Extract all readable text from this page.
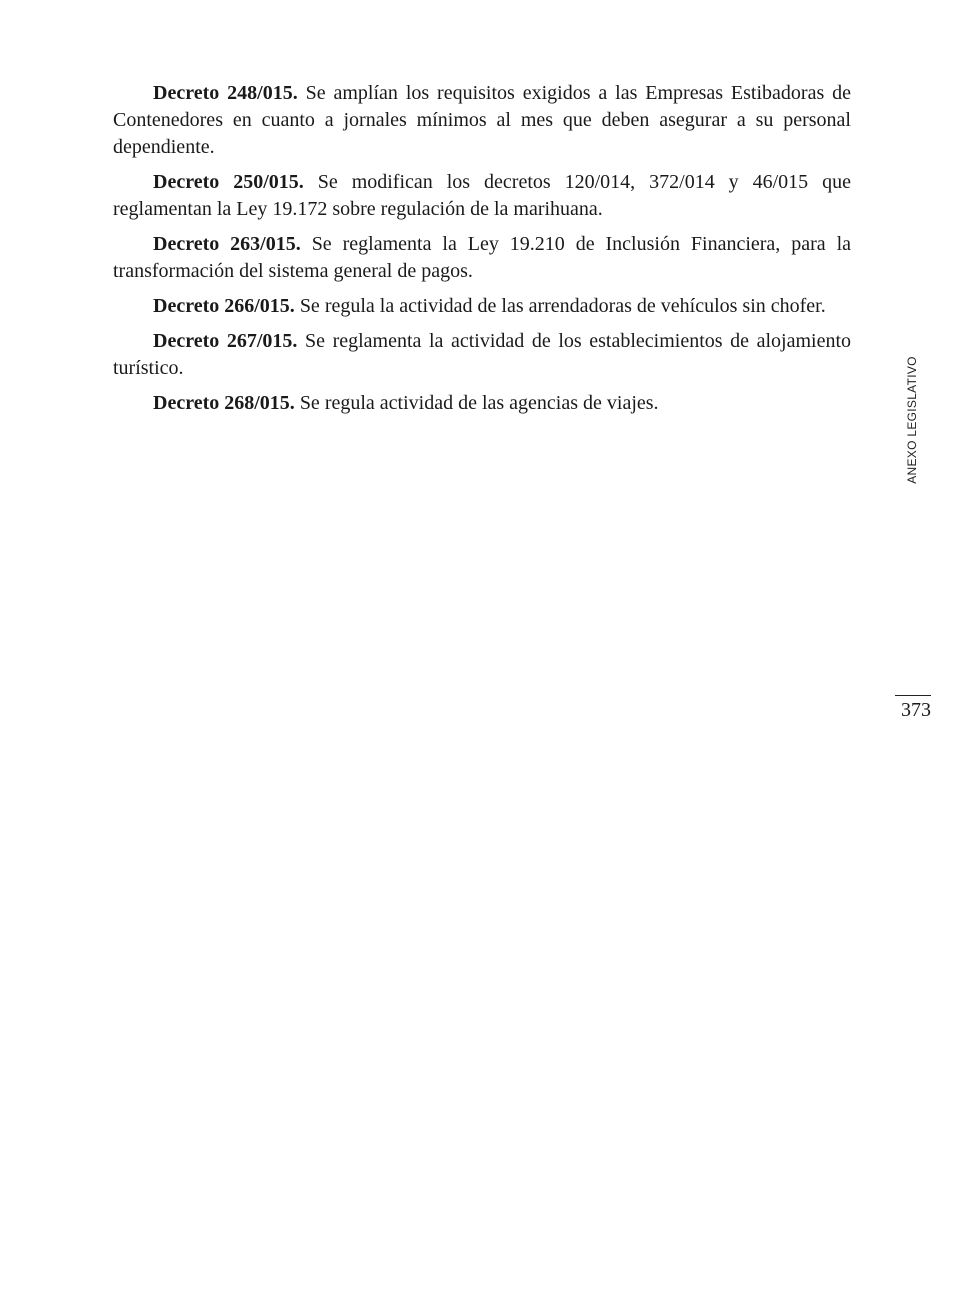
Decreto 248/015. Se amplían los requisitos exigidos a las Empresas Estibadoras de Contenedores en cuanto a jornales mínimos al mes que deben asegurar a su personal dependiente.

Decreto 250/015. Se modifican los decretos 120/014, 372/014 y 46/015 que reglamentan la Ley 19.172 sobre regulación de la marihuana.

Decreto 263/015. Se reglamenta la Ley 19.210 de Inclusión Financiera, para la transformación del sistema general de pagos.

Decreto 266/015. Se regula la actividad de las arrendadoras de vehículos sin chofer.

Decreto 267/015. Se reglamenta la actividad de los establecimientos de alojamiento turístico.

Decreto 268/015. Se regula actividad de las agencias de viajes.	ANEXO LEGISLATIVO
373
